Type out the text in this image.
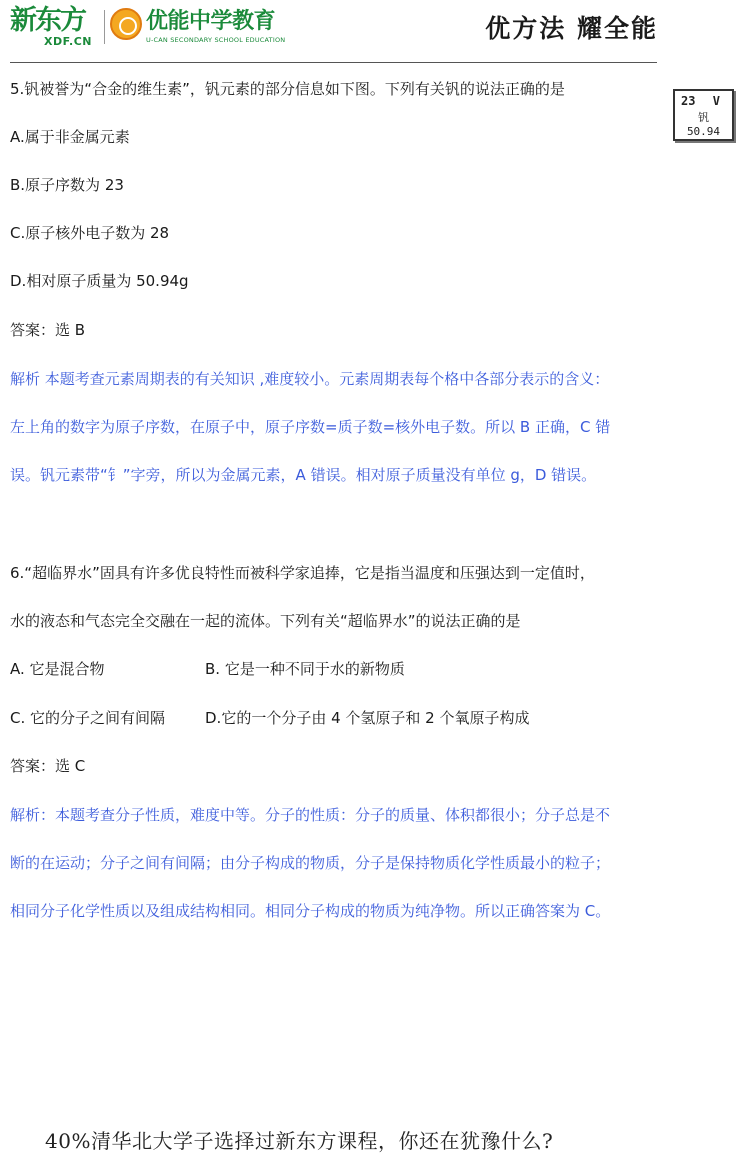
新东方
XDF.CN
优能中学教育
U-CAN SECONDARY SCHOOL EDUCATION	优方法 耀全能
23 V
钒
50.94
5.钒被誉为“合金的维生素”，钒元素的部分信息如下图。下列有关钒的说法正确的是
A.属于非金属元素
B.原子序数为 23
C.原子核外电子数为 28
D.相对原子质量为 50.94g
答案：选 B
解析 本题考查元素周期表的有关知识 ,难度较小。元素周期表每个格中各部分表示的含义：
左上角的数字为原子序数，在原子中，原子序数=质子数=核外电子数。所以 B 正确，C 错
误。钒元素带“钅”字旁，所以为金属元素，A 错误。相对原子质量没有单位 g，D 错误。
6.“超临界水”固具有许多优良特性而被科学家追捧，它是指当温度和压强达到一定值时，
水的液态和气态完全交融在一起的流体。下列有关“超临界水”的说法正确的是
A. 它是混合物	B. 它是一种不同于水的新物质
C. 它的分子之间有间隔	D.它的一个分子由 4 个氢原子和 2 个氧原子构成
答案：选 C
解析：本题考查分子性质，难度中等。分子的性质：分子的质量、体积都很小；分子总是不
断的在运动；分子之间有间隔；由分子构成的物质，分子是保持物质化学性质最小的粒子；
相同分子化学性质以及组成结构相同。相同分子构成的物质为纯净物。所以正确答案为 C。
40%清华北大学子选择过新东方课程，你还在犹豫什么?
